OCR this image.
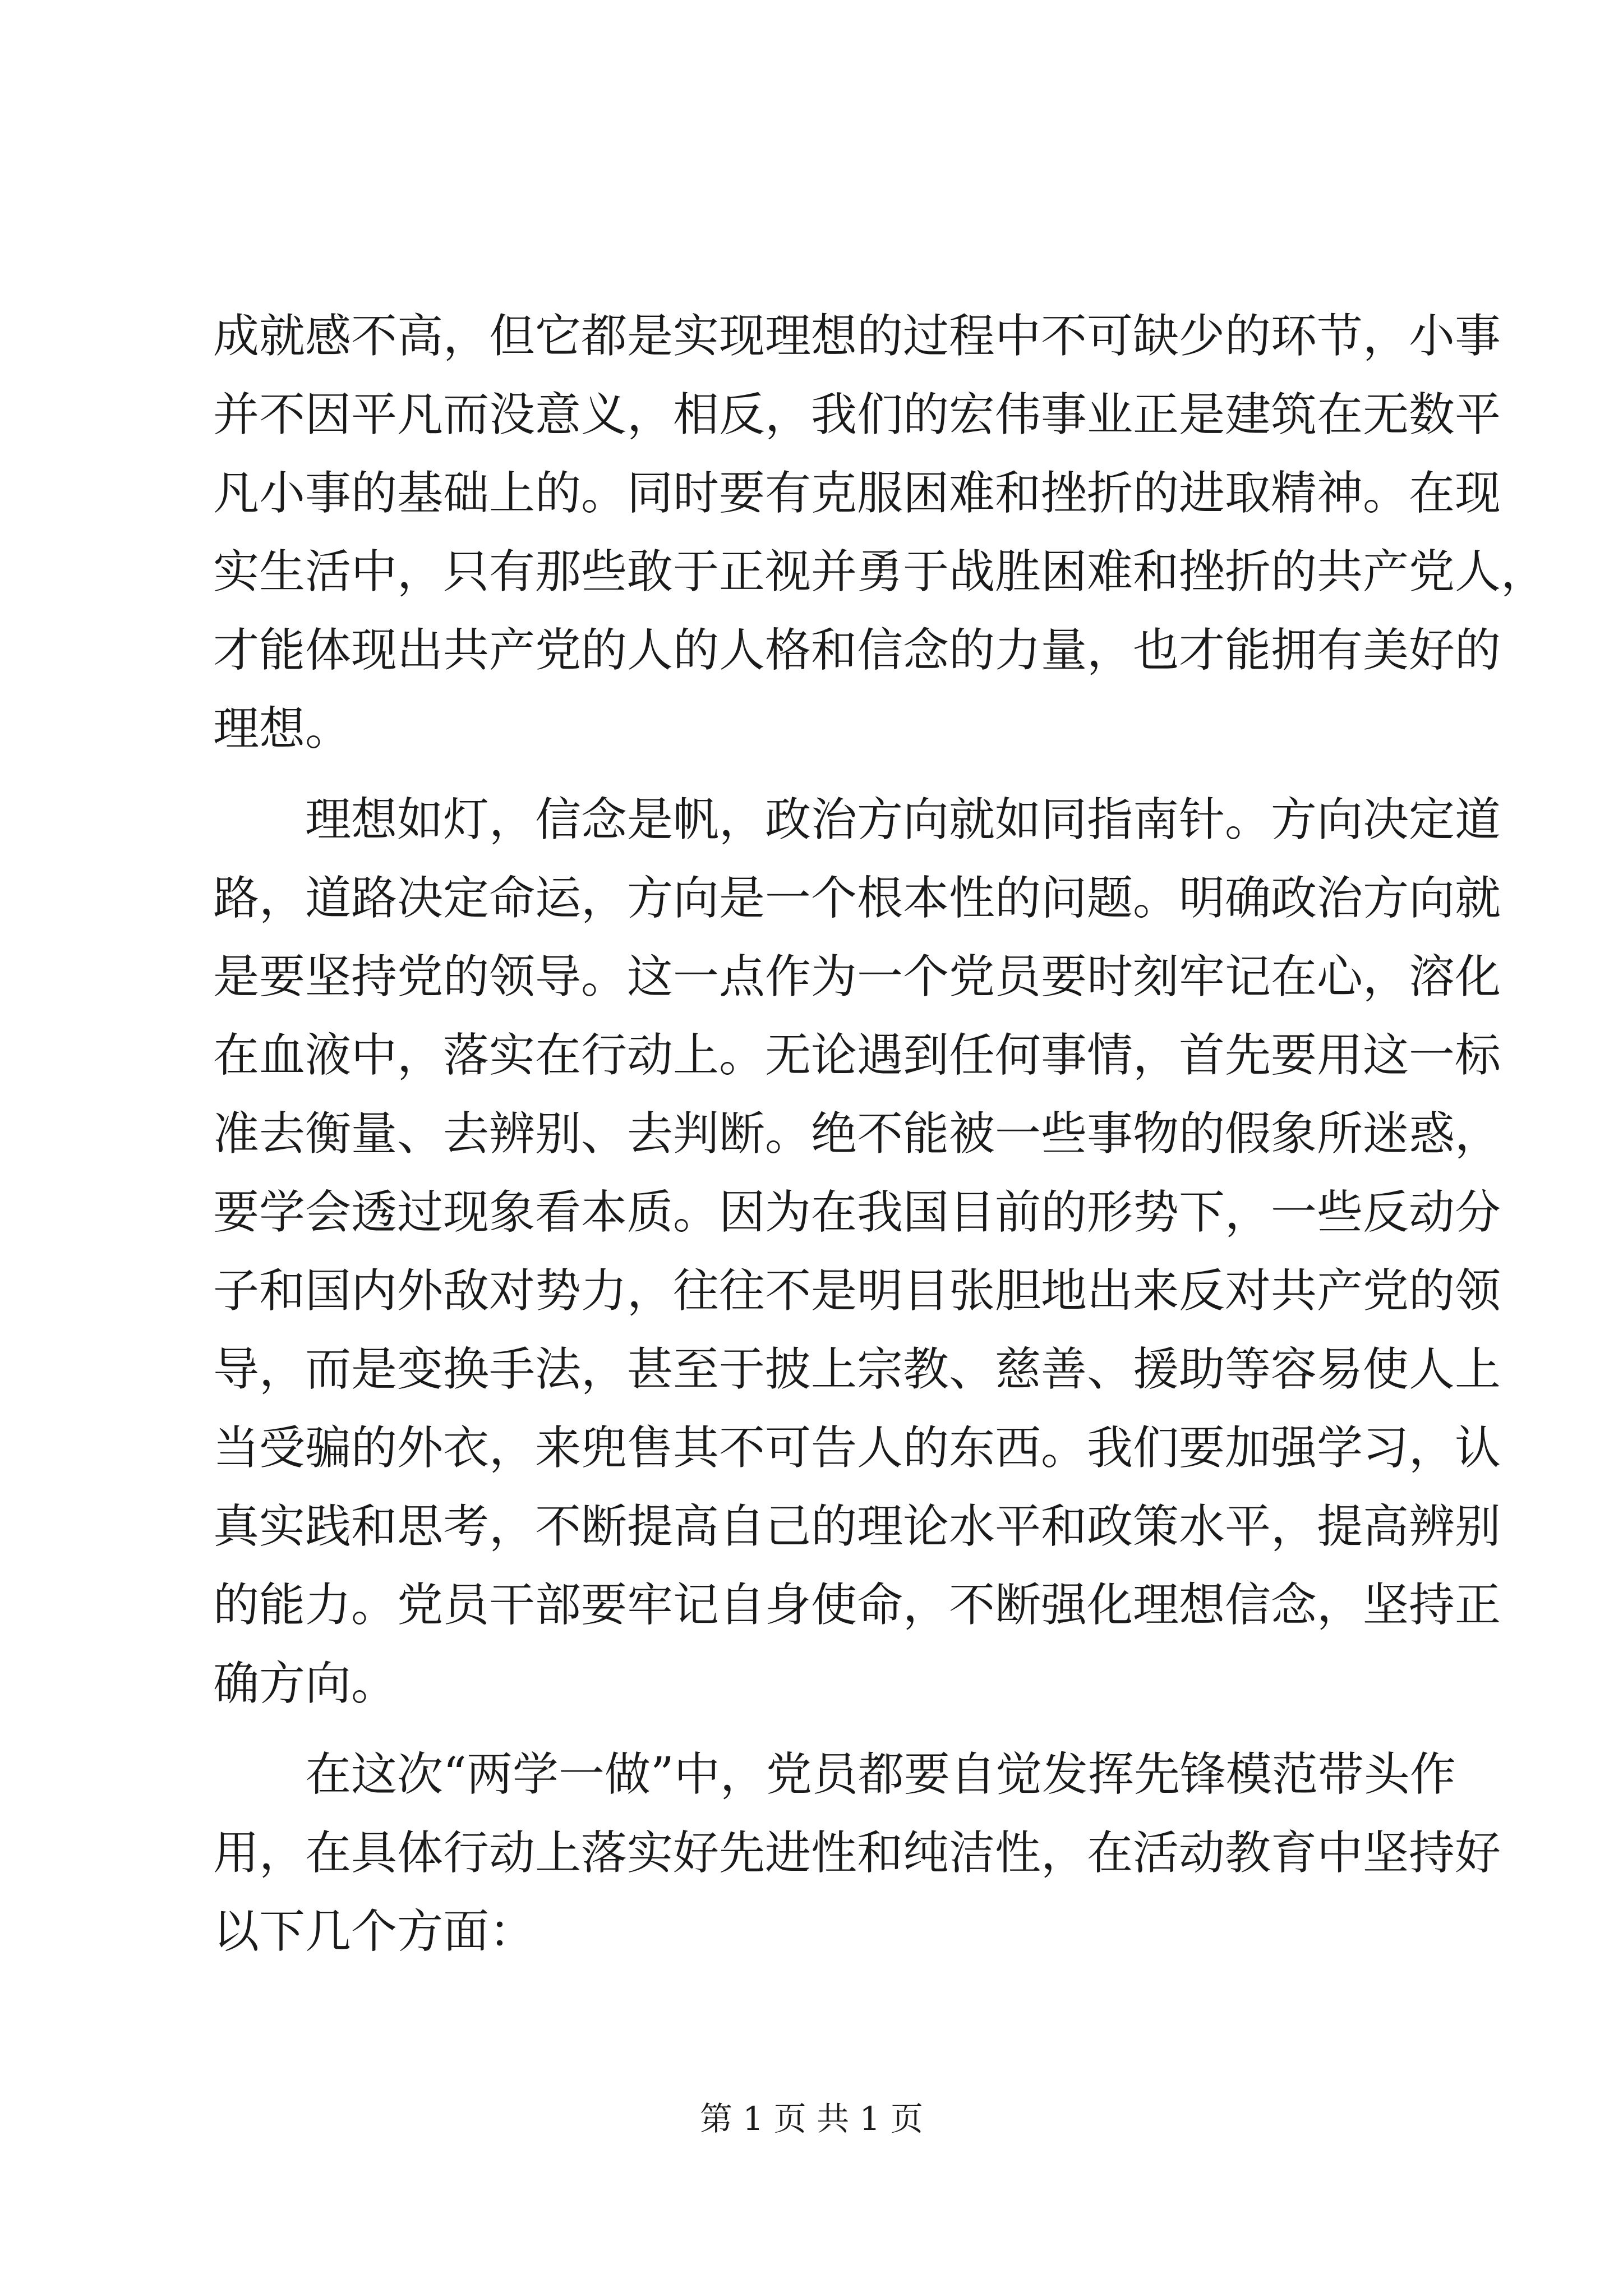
成就感不高，但它都是实现理想的过程中不可缺少的环节，小事
并不因平凡而没意义，相反，我们的宏伟事业正是建筑在无数平
凡小事的基础上的。同时要有克服困难和挫折的进取精神。在现
实生活中，只有那些敢于正视并勇于战胜困难和挫折的共产党人，
才能体现出共产党的人的人格和信念的力量，也才能拥有美好的
理想。
　　理想如灯，信念是帆，政治方向就如同指南针。方向决定道
路，道路决定命运，方向是一个根本性的问题。明确政治方向就
是要坚持党的领导。这一点作为一个党员要时刻牢记在心，溶化
在血液中，落实在行动上。无论遇到任何事情，首先要用这一标
准去衡量、去辨别、去判断。绝不能被一些事物的假象所迷惑，
要学会透过现象看本质。因为在我国目前的形势下，一些反动分
子和国内外敌对势力，往往不是明目张胆地出来反对共产党的领
导，而是变换手法，甚至于披上宗教、慈善、援助等容易使人上
当受骗的外衣，来兜售其不可告人的东西。我们要加强学习，认
真实践和思考，不断提高自己的理论水平和政策水平，提高辨别
的能力。党员干部要牢记自身使命，不断强化理想信念，坚持正
确方向。
　　在这次“两学一做”中，党员都要自觉发挥先锋模范带头作
用，在具体行动上落实好先进性和纯洁性，在活动教育中坚持好
以下几个方面：
第 1 页 共 1 页
